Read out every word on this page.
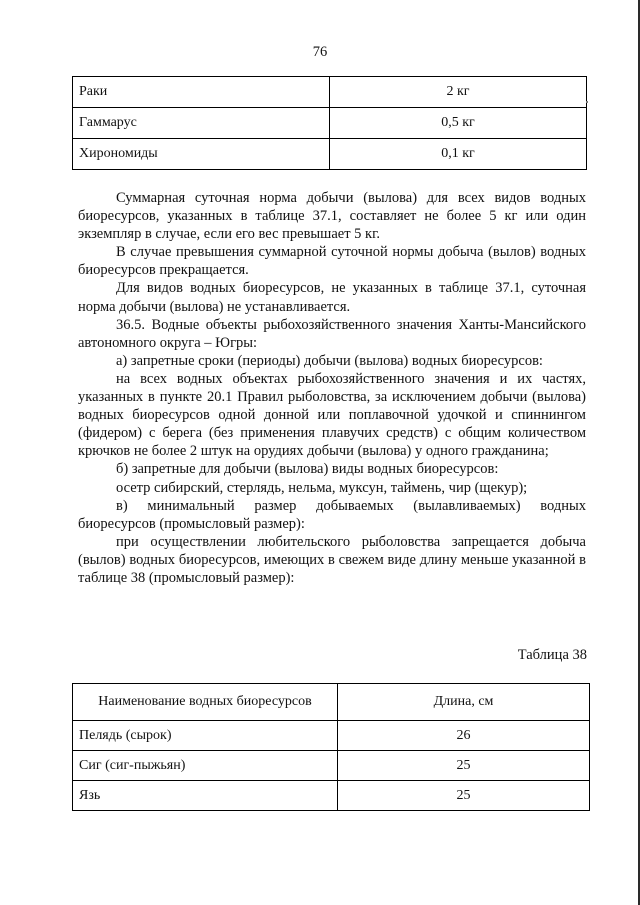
76
Раки	2 кг
Гаммарус	0,5 кг
Хирономиды	0,1 кг

Суммарная суточная норма добычи (вылова) для всех видов водных биоресурсов, указанных в таблице 37.1, составляет не более 5 кг или один экземпляр в случае, если его вес превышает 5 кг.

В случае превышения суммарной суточной нормы добыча (вылов) водных биоресурсов прекращается.

Для видов водных биоресурсов, не указанных в таблице 37.1, суточная норма добычи (вылова) не устанавливается.

36.5. Водные объекты рыбохозяйственного значения Ханты-Мансийского автономного округа – Югры:

а) запретные сроки (периоды) добычи (вылова) водных биоресурсов:

на всех водных объектах рыбохозяйственного значения и их частях, указанных в пункте 20.1 Правил рыболовства, за исключением добычи (вылова) водных биоресурсов одной донной или поплавочной удочкой и спиннингом (фидером) с берега (без применения плавучих средств) с общим количеством крючков не более 2 штук на орудиях добычи (вылова) у одного гражданина;

б) запретные для добычи (вылова) виды водных биоресурсов:

осетр сибирский, стерлядь, нельма, муксун, таймень, чир (щекур);

в) минимальный размер добываемых (вылавливаемых) водных биоресурсов (промысловый размер):

при осуществлении любительского рыболовства запрещается добыча (вылов) водных биоресурсов, имеющих в свежем виде длину меньше указанной в таблице 38 (промысловый размер):

Таблица 38
Наименование водных биоресурсов	Длина, см
Пелядь (сырок)	26
Сиг (сиг-пыжьян)	25
Язь	25
